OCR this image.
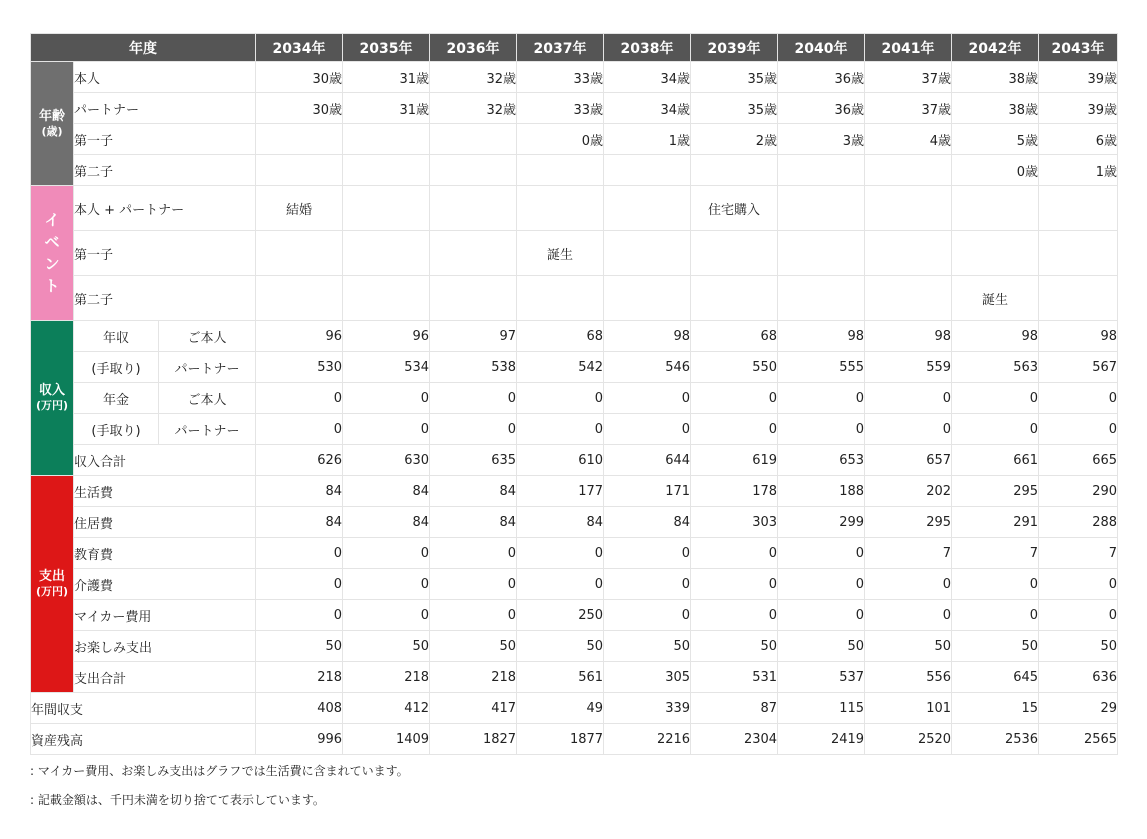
年度			2034年	2035年	2036年	2037年	2038年	2039年	2040年	2041年	2042年	2043年
年齢
(歳)	本人		30歳	31歳	32歳	33歳	34歳	35歳	36歳	37歳	38歳	39歳
	パートナー		30歳	31歳	32歳	33歳	34歳	35歳	36歳	37歳	38歳	39歳
	第一子					0歳	1歳	2歳	3歳	4歳	5歳	6歳
	第二子										0歳	1歳
イベント	本人 + パートナー		結婚					住宅購入				
	第一子					誕生						
	第二子										誕生	
収入
(万円)	年収	ご本人	96	96	97	68	98	68	98	98	98	98
	(手取り)	パートナー	530	534	538	542	546	550	555	559	563	567
	年金	ご本人	0	0	0	0	0	0	0	0	0	0
	(手取り)	パートナー	0	0	0	0	0	0	0	0	0	0
	収入合計		626	630	635	610	644	619	653	657	661	665
支出
(万円)	生活費		84	84	84	177	171	178	188	202	295	290
	住居費		84	84	84	84	84	303	299	295	291	288
	教育費		0	0	0	0	0	0	0	7	7	7
	介護費		0	0	0	0	0	0	0	0	0	0
	マイカー費用		0	0	0	250	0	0	0	0	0	0
	お楽しみ支出		50	50	50	50	50	50	50	50	50	50
	支出合計		218	218	218	561	305	531	537	556	645	636
年間収支			408	412	417	49	339	87	115	101	15	29
資産残高			996	1409	1827	1877	2216	2304	2419	2520	2536	2565
: マイカー費用、お楽しみ支出はグラフでは生活費に含まれています。
: 記載金額は、千円未満を切り捨てて表示しています。
